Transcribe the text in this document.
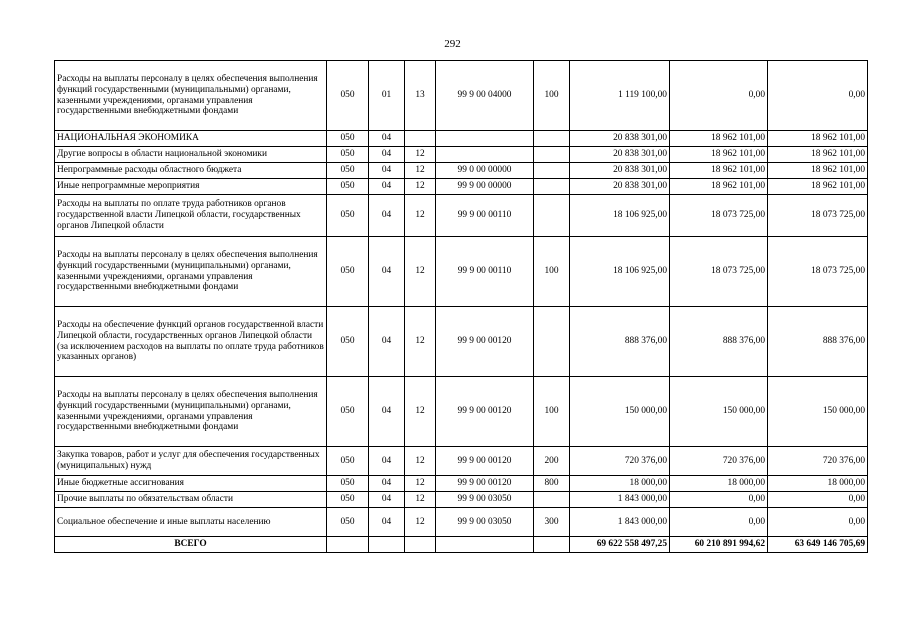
292
Расходы на выплаты персоналу в целях обеспечения выполнения функций государственными (муниципальными) органами, казенными учреждениями, органами управления государственными внебюджетными фондами	050	01	13	99 9 00 04000	100	1 119 100,00	0,00	0,00
НАЦИОНАЛЬНАЯ ЭКОНОМИКА	050	04				20 838 301,00	18 962 101,00	18 962 101,00
Другие вопросы в области национальной экономики	050	04	12			20 838 301,00	18 962 101,00	18 962 101,00
Непрограммные расходы областного бюджета	050	04	12	99 0 00 00000		20 838 301,00	18 962 101,00	18 962 101,00
Иные непрограммные мероприятия	050	04	12	99 9 00 00000		20 838 301,00	18 962 101,00	18 962 101,00
Расходы на выплаты по оплате труда работников органов государственной власти Липецкой области, государственных органов Липецкой области	050	04	12	99 9 00 00110		18 106 925,00	18 073 725,00	18 073 725,00
Расходы на выплаты персоналу в целях обеспечения выполнения функций государственными (муниципальными) органами, казенными учреждениями, органами управления государственными внебюджетными фондами	050	04	12	99 9 00 00110	100	18 106 925,00	18 073 725,00	18 073 725,00
Расходы на обеспечение функций органов государственной власти Липецкой области, государственных органов Липецкой области (за исключением расходов на выплаты по оплате труда работников указанных органов)	050	04	12	99 9 00 00120		888 376,00	888 376,00	888 376,00
Расходы на выплаты персоналу в целях обеспечения выполнения функций государственными (муниципальными) органами, казенными учреждениями, органами управления государственными внебюджетными фондами	050	04	12	99 9 00 00120	100	150 000,00	150 000,00	150 000,00
Закупка товаров, работ и услуг для обеспечения государственных (муниципальных) нужд	050	04	12	99 9 00 00120	200	720 376,00	720 376,00	720 376,00
Иные бюджетные ассигнования	050	04	12	99 9 00 00120	800	18 000,00	18 000,00	18 000,00
Прочие выплаты по обязательствам области	050	04	12	99 9 00 03050		1 843 000,00	0,00	0,00
Социальное обеспечение и иные выплаты населению	050	04	12	99 9 00 03050	300	1 843 000,00	0,00	0,00
ВСЕГО						69 622 558 497,25	60 210 891 994,62	63 649 146 705,69
